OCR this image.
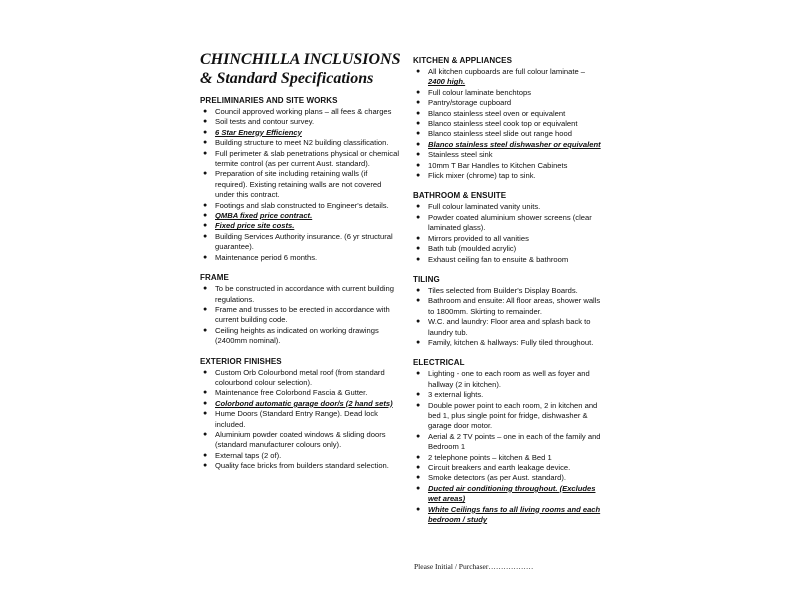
CHINCHILLA INCLUSIONS
& Standard Specifications
PRELIMINARIES AND SITE WORKS
● Council approved working plans – all fees & charges
● Soil tests and contour survey.
● 6 Star Energy Efficiency
● Building structure to meet N2 building classification.
● Full perimeter & slab penetrations physical or chemical termite control (as per current Aust. standard).
● Preparation of site including retaining walls (if required). Existing retaining walls are not covered under this contract.
● Footings and slab constructed to Engineer's details.
● QMBA fixed price contract.
● Fixed price site costs.
● Building Services Authority insurance. (6 yr structural guarantee).
● Maintenance period 6 months.
FRAME
● To be constructed in accordance with current building regulations.
● Frame and trusses to be erected in accordance with current building code.
● Ceiling heights as indicated on working drawings (2400mm nominal).
EXTERIOR FINISHES
● Custom Orb Colourbond metal roof (from standard colourbond colour selection).
● Maintenance free Colorbond Fascia & Gutter.
● Colorbond automatic garage door/s (2 hand sets)
● Hume Doors (Standard Entry Range). Dead lock included.
● Aluminium powder coated windows & sliding doors (standard manufacturer colours only).
● External taps (2 of).
● Quality face bricks from builders standard selection.
KITCHEN & APPLIANCES
● All kitchen cupboards are full colour laminate – 2400 high.
● Full colour laminate benchtops
● Pantry/storage cupboard
● Blanco stainless steel oven or equivalent
● Blanco stainless steel cook top or equivalent
● Blanco stainless steel slide out range hood
● Blanco stainless steel dishwasher or equivalent
● Stainless steel sink
● 10mm T Bar Handles to Kitchen Cabinets
● Flick mixer (chrome) tap to sink.
BATHROOM & ENSUITE
● Full colour laminated vanity units.
● Powder coated aluminium shower screens (clear laminated glass).
● Mirrors provided to all vanities
● Bath tub (moulded acrylic)
● Exhaust ceiling fan to ensuite & bathroom
TILING
● Tiles selected from Builder's Display Boards.
● Bathroom and ensuite: All floor areas, shower walls to 1800mm. Skirting to remainder.
● W.C. and laundry: Floor area and splash back to laundry tub.
● Family, kitchen & hallways: Fully tiled throughout.
ELECTRICAL
● Lighting - one to each room as well as foyer and hallway (2 in kitchen).
● 3 external lights.
● Double power point to each room, 2 in kitchen and bed 1, plus single point for fridge, dishwasher & garage door motor.
● Aerial & 2 TV points – one in each of the family and Bedroom 1
● 2 telephone points – kitchen & Bed 1
● Circuit breakers and earth leakage device.
● Smoke detectors (as per Aust. standard).
● Ducted air conditioning throughout. (Excludes wet areas)
● White Ceilings fans to all living rooms and each bedroom / study
Please Initial / Purchaser………………
